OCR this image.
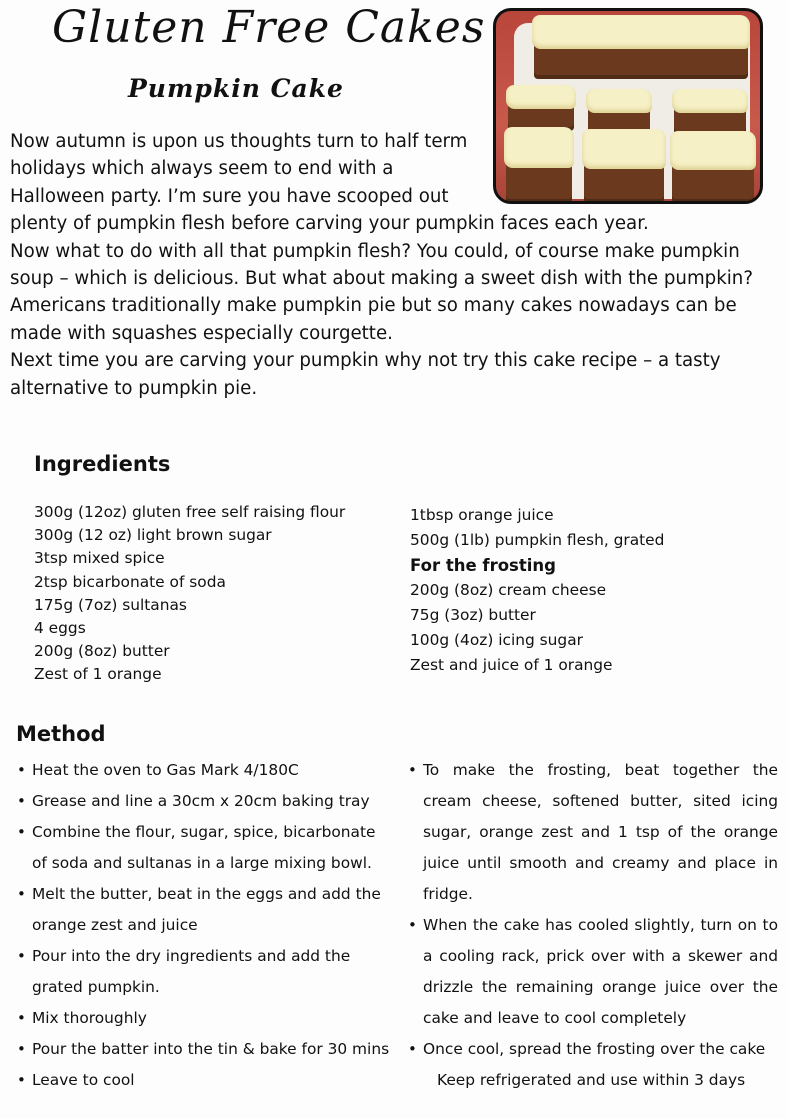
Gluten Free Cakes
Pumpkin Cake

Now autumn is upon us thoughts turn to half term

holidays which always seem to end with a

Halloween party. I’m sure you have scooped out

plenty of pumpkin flesh before carving your pumpkin faces each year.

Now what to do with all that pumpkin flesh? You could, of course make pumpkin soup – which is delicious. But what about making a sweet dish with the pumpkin? Americans traditionally make pumpkin pie but so many cakes nowadays can be made with squashes especially courgette.

Next time you are carving your pumpkin why not try this cake recipe – a tasty alternative to pumpkin pie.

Ingredients
300g (12oz) gluten free self raising flour
300g (12 oz) light brown sugar
3tsp mixed spice
2tsp bicarbonate of soda
175g (7oz) sultanas
4 eggs
200g (8oz) butter
Zest of 1 orange
1tbsp orange juice
500g (1lb) pumpkin flesh, grated
For the frosting
200g (8oz) cream cheese
75g (3oz) butter
100g (4oz) icing sugar
Zest and juice of 1 orange
Method
• Heat the oven to Gas Mark 4/180C
• Grease and line a 30cm x 20cm baking tray
• Combine the flour, sugar, spice, bicarbonate of soda and sultanas in a large mixing bowl.
• Melt the butter, beat in the eggs and add the orange zest and juice
• Pour into the dry ingredients and add the grated pumpkin.
• Mix thoroughly
• Pour the batter into the tin & bake for 30 mins
• Leave to cool
• To make the frosting, beat together the cream cheese, softened butter, sited icing sugar, orange zest and 1 tsp of the orange juice until smooth and creamy and place in fridge.
• When the cake has cooled slightly, turn on to a cooling rack, prick over with a skewer and drizzle the remaining orange juice over the cake and leave to cool completely
• Once cool, spread the frosting over the cake
Keep refrigerated and use within 3 days
